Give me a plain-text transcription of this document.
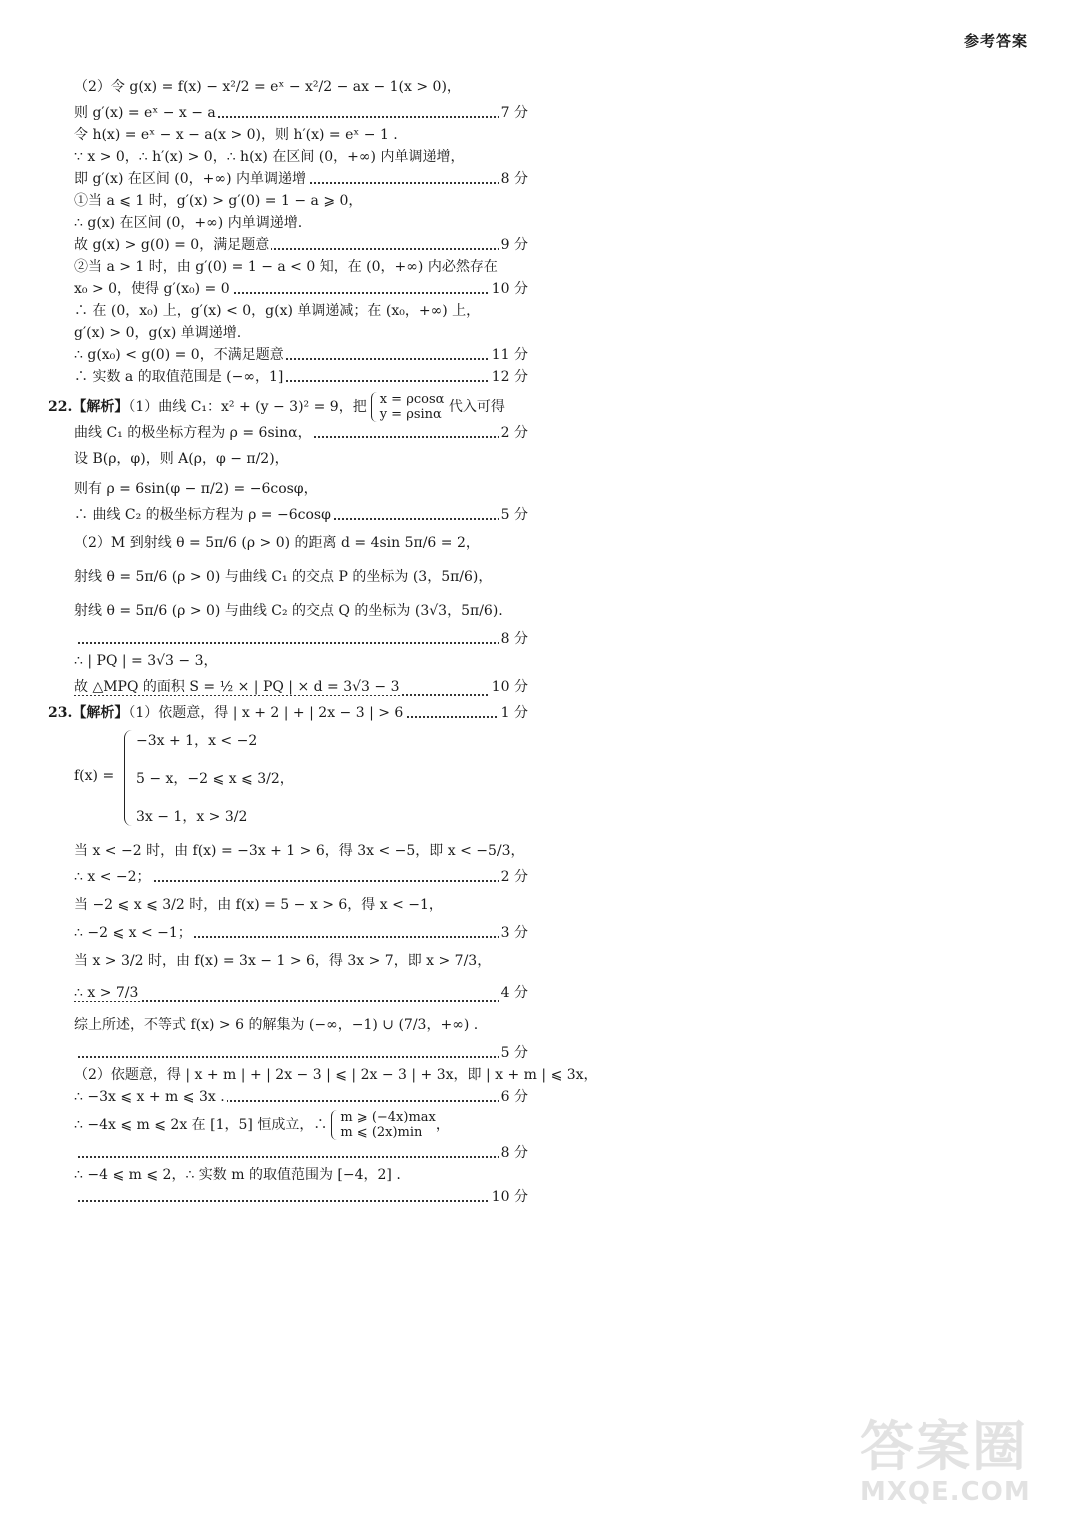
参考答案
（2）令 g(x) = f(x) − x²/2 = eˣ − x²/2 − ax − 1(x > 0)，
则 g′(x) = eˣ − x − a	7 分
令 h(x) = eˣ − x − a(x > 0)，则 h′(x) = eˣ − 1 .
∵ x > 0，∴ h′(x) > 0，∴ h(x) 在区间 (0，+∞) 内单调递增，
即 g′(x) 在区间 (0，+∞) 内单调递增	8 分
①当 a ⩽ 1 时，g′(x) > g′(0) = 1 − a ⩾ 0，
∴ g(x) 在区间 (0，+∞) 内单调递增.
故 g(x) > g(0) = 0，满足题意	9 分
②当 a > 1 时，由 g′(0) = 1 − a < 0 知，在 (0，+∞) 内必然存在
x₀ > 0，使得 g′(x₀) = 0	10 分
∴ 在 (0，x₀) 上，g′(x) < 0，g(x) 单调递减；在 (x₀，+∞) 上，
g′(x) > 0，g(x) 单调递增.
∴ g(x₀) < g(0) = 0，不满足题意	11 分
∴ 实数 a 的取值范围是 (−∞，1]	12 分
22.【解析】（1）曲线 C₁：x² + (y − 3)² = 9，把 x = ρcosα
y = ρsinα 代入可得
曲线 C₁ 的极坐标方程为 ρ = 6sinα，	2 分
设 B(ρ，φ)，则 A(ρ，φ − π/2)，
则有 ρ = 6sin(φ − π/2) = −6cosφ，
∴ 曲线 C₂ 的极坐标方程为 ρ = −6cosφ	5 分
（2）M 到射线 θ = 5π/6 (ρ > 0) 的距离 d = 4sin 5π/6 = 2，
射线 θ = 5π/6 (ρ > 0) 与曲线 C₁ 的交点 P 的坐标为 (3，5π/6)，
射线 θ = 5π/6 (ρ > 0) 与曲线 C₂ 的交点 Q 的坐标为 (3√3，5π/6).
8 分
∴ | PQ | = 3√3 − 3，
故 △MPQ 的面积 S = ½ × | PQ | × d = 3√3 − 3	10 分
23.【解析】（1）依题意，得 | x + 2 | + | 2x − 3 | > 6	1 分
f(x) =
−3x + 1，x < −2
5 − x，−2 ⩽ x ⩽ 3/2，
3x − 1，x > 3/2
当 x < −2 时，由 f(x) = −3x + 1 > 6，得 3x < −5，即 x < −5/3，
∴ x < −2；	2 分
当 −2 ⩽ x ⩽ 3/2 时，由 f(x) = 5 − x > 6，得 x < −1，
∴ −2 ⩽ x < −1；	3 分
当 x > 3/2 时，由 f(x) = 3x − 1 > 6，得 3x > 7，即 x > 7/3，
∴ x > 7/3	4 分
综上所述，不等式 f(x) > 6 的解集为 (−∞，−1) ∪ (7/3，+∞) .
5 分
（2）依题意，得 | x + m | + | 2x − 3 | ⩽ | 2x − 3 | + 3x，即 | x + m | ⩽ 3x，
∴ −3x ⩽ x + m ⩽ 3x .	6 分
∴ −4x ⩽ m ⩽ 2x 在 [1，5] 恒成立，∴ m ⩾ (−4x)max
m ⩽ (2x)min ，
8 分
∴ −4 ⩽ m ⩽ 2，∴ 实数 m 的取值范围为 [−4，2] .
10 分
答案圈
MXQE.COM
